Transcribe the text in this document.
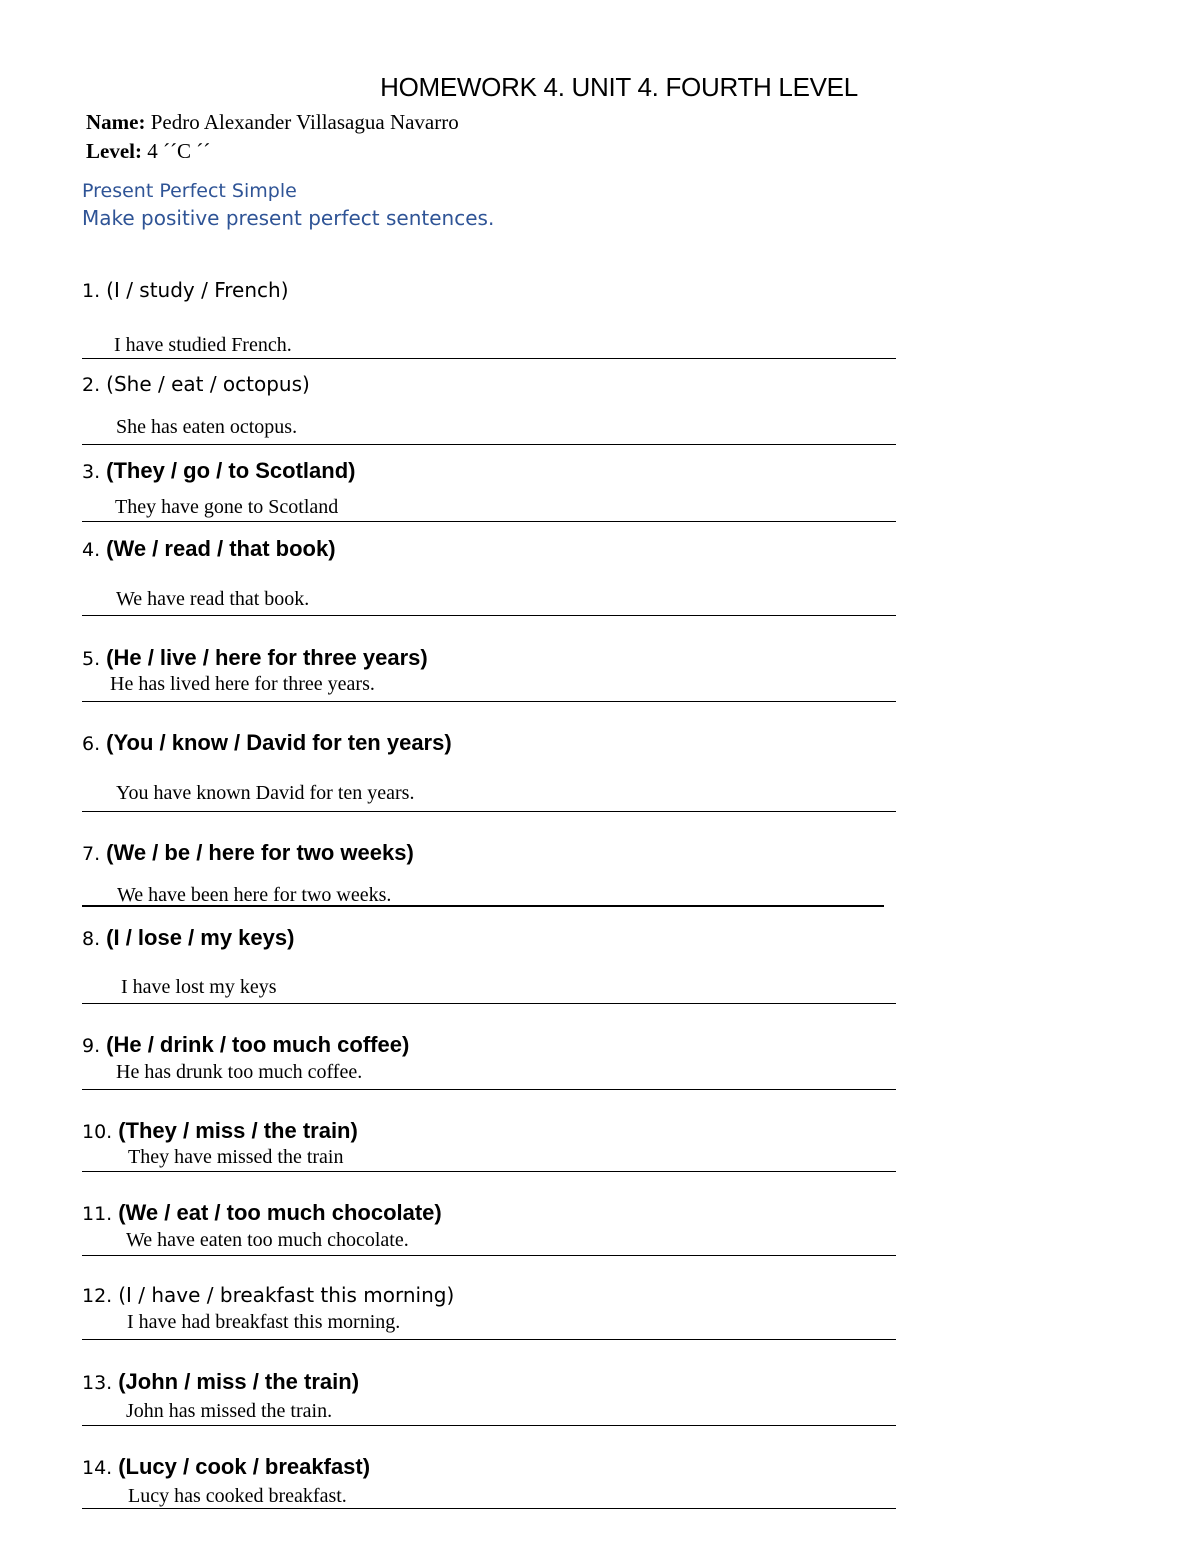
HOMEWORK 4. UNIT 4. FOURTH LEVEL
Name: Pedro Alexander Villasagua Navarro
Level: 4 ´´C ´´
Present Perfect Simple
Make positive present perfect sentences.
1. (I / study / French)
I have studied French.
2. (She / eat / octopus)
She has eaten octopus.
3. (They / go / to Scotland)
They have gone to Scotland
4. (We / read / that book)
We have read that book.
5. (He / live / here for three years)
He has lived here for three years.
6. (You / know / David for ten years)
You have known David for ten years.
7. (We / be / here for two weeks)
We have been here for two weeks.
8. (I / lose / my keys)
I have lost my keys
9. (He / drink / too much coffee)
He has drunk too much coffee.
10. (They / miss / the train)
They have missed the train
11. (We / eat / too much chocolate)
We have eaten too much chocolate.
12. (I / have / breakfast this morning)
I have had breakfast this morning.
13. (John / miss / the train)
John has missed the train.
14. (Lucy / cook / breakfast)
Lucy has cooked breakfast.
